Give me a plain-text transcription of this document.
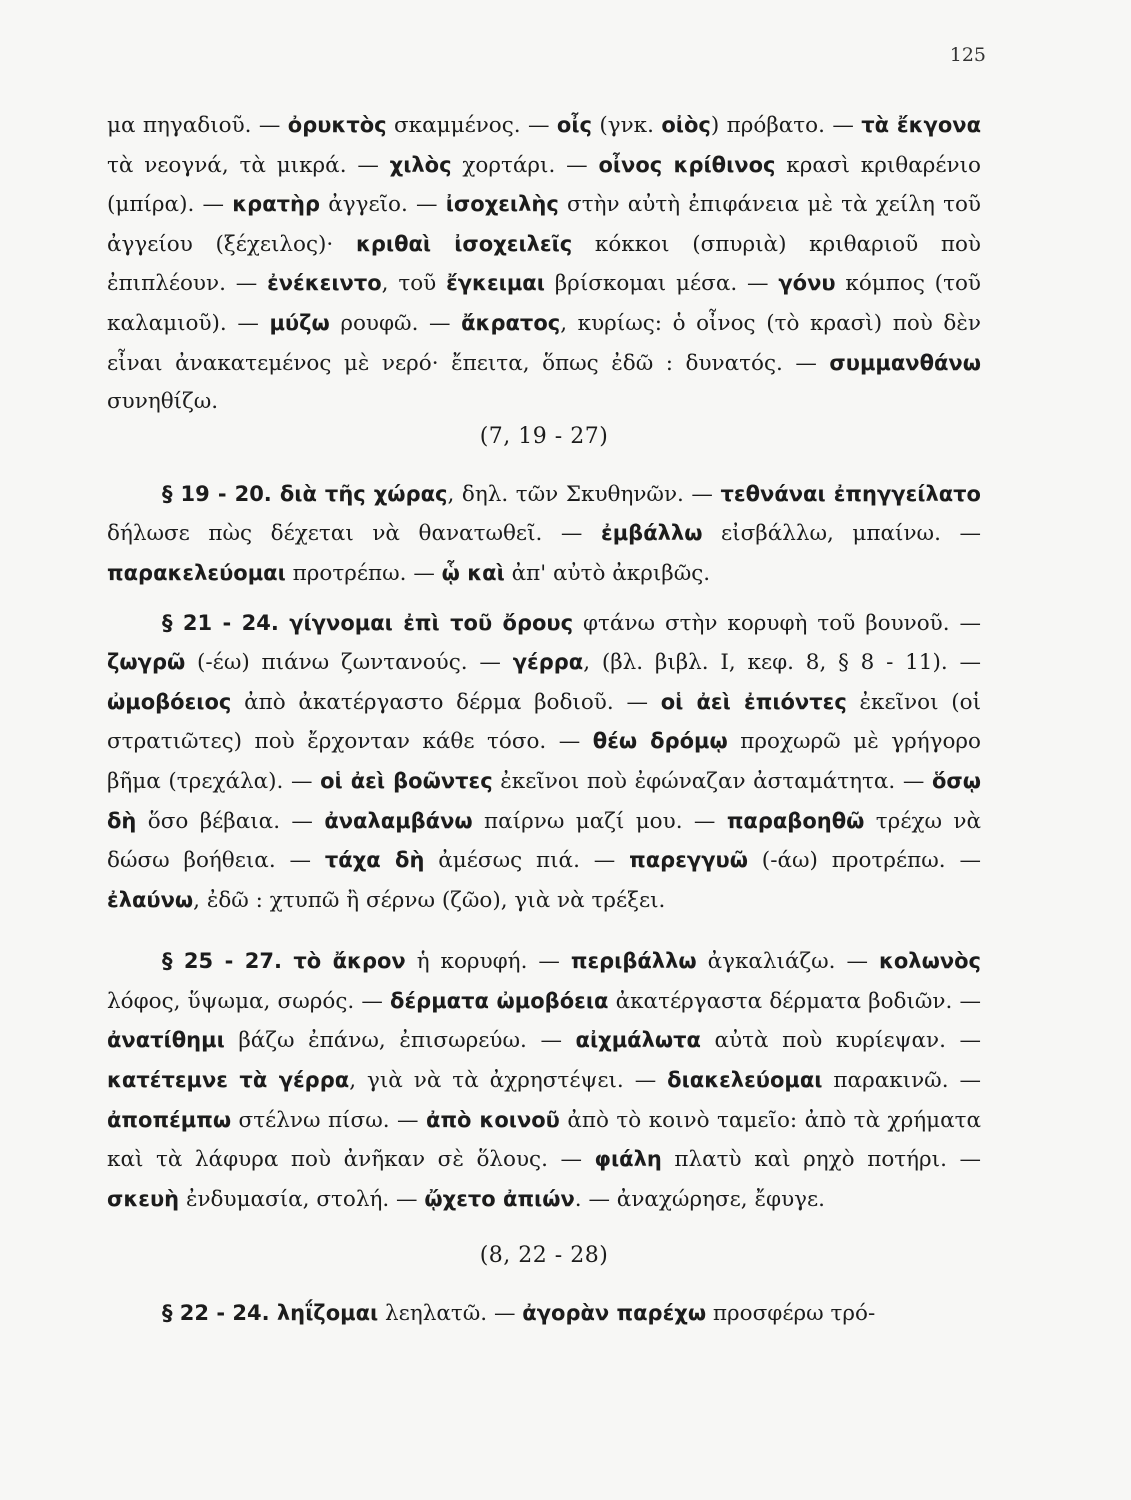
125

μα πηγαδιοῦ. — ὀρυκτὸς σκαμμένος. — οἶς (γνκ. οἰὸς) πρόβατο. — τὰ ἔκγονα τὰ νεογνά, τὰ μικρά. — χιλὸς χορτάρι. — οἶνος κρίθινος κρασὶ κριθαρένιο (μπίρα). — κρατὴρ ἀγγεῖο. — ἰσοχειλὴς στὴν αὐτὴ ἐπιφάνεια μὲ τὰ χείλη τοῦ ἀγγείου (ξέχειλος)· κριθαὶ ἰσοχειλεῖς κόκκοι (σπυριὰ) κριθαριοῦ ποὺ ἐπιπλέουν. — ἐνέκειντο, τοῦ ἔγκειμαι βρίσκομαι μέσα. — γόνυ κόμπος (τοῦ καλαμιοῦ). — μύζω ρουφῶ. — ἄκρατος, κυρίως: ὁ οἶνος (τὸ κρασὶ) ποὺ δὲν εἶναι ἀνακατεμένος μὲ νερό· ἔπειτα, ὅπως ἐδῶ : δυνατός. — συμμανθάνω συνηθίζω.

(7, 19 - 27)

§ 19 - 20. διὰ τῆς χώρας, δηλ. τῶν Σκυθηνῶν. — τεθνάναι ἐπηγγείλατο δήλωσε πὼς δέχεται νὰ θανατωθεῖ. — ἐμβάλλω εἰσβάλλω, μπαίνω. — παρακελεύομαι προτρέπω. — ᾧ καὶ ἀπ' αὐτὸ ἀκριβῶς.

§ 21 - 24. γίγνομαι ἐπὶ τοῦ ὄρους φτάνω στὴν κορυφὴ τοῦ βουνοῦ. — ζωγρῶ (-έω) πιάνω ζωντανούς. — γέρρα, (βλ. βιβλ. Ι, κεφ. 8, § 8 - 11). — ὠμοβόειος ἀπὸ ἀκατέργαστο δέρμα βοδιοῦ. — οἱ ἀεὶ ἐπιόντες ἐκεῖνοι (οἱ στρατιῶτες) ποὺ ἔρχονταν κάθε τόσο. — θέω δρόμῳ προχωρῶ μὲ γρήγορο βῆμα (τρεχάλα). — οἱ ἀεὶ βοῶντες ἐκεῖνοι ποὺ ἐφώναζαν ἀσταμάτητα. — ὅσῳ δὴ ὅσο βέβαια. — ἀναλαμβάνω παίρνω μαζί μου. — παραβοηθῶ τρέχω νὰ δώσω βοήθεια. — τάχα δὴ ἀμέσως πιά. — παρεγγυῶ (-άω) προτρέπω. — ἐλαύνω, ἐδῶ : χτυπῶ ἢ σέρνω (ζῶο), γιὰ νὰ τρέξει.

§ 25 - 27. τὸ ἄκρον ἡ κορυφή. — περιβάλλω ἀγκαλιάζω. — κολωνὸς λόφος, ὕψωμα, σωρός. — δέρματα ὠμοβόεια ἀκατέργαστα δέρματα βοδιῶν. — ἀνατίθημι βάζω ἐπάνω, ἐπισωρεύω. — αἰχμάλωτα αὐτὰ ποὺ κυρίεψαν. — κατέτεμνε τὰ γέρρα, γιὰ νὰ τὰ ἀχρηστέψει. — διακελεύομαι παρακινῶ. — ἀποπέμπω στέλνω πίσω. — ἀπὸ κοινοῦ ἀπὸ τὸ κοινὸ ταμεῖο: ἀπὸ τὰ χρήματα καὶ τὰ λάφυρα ποὺ ἀνῆκαν σὲ ὅλους. — φιάλη πλατὺ καὶ ρηχὸ ποτήρι. — σκευὴ ἐνδυμασία, στολή. — ᾤχετο ἀπιών. — ἀναχώρησε, ἔφυγε.

(8, 22 - 28)

§ 22 - 24. ληΐζομαι λεηλατῶ. — ἀγορὰν παρέχω προσφέρω τρό-
